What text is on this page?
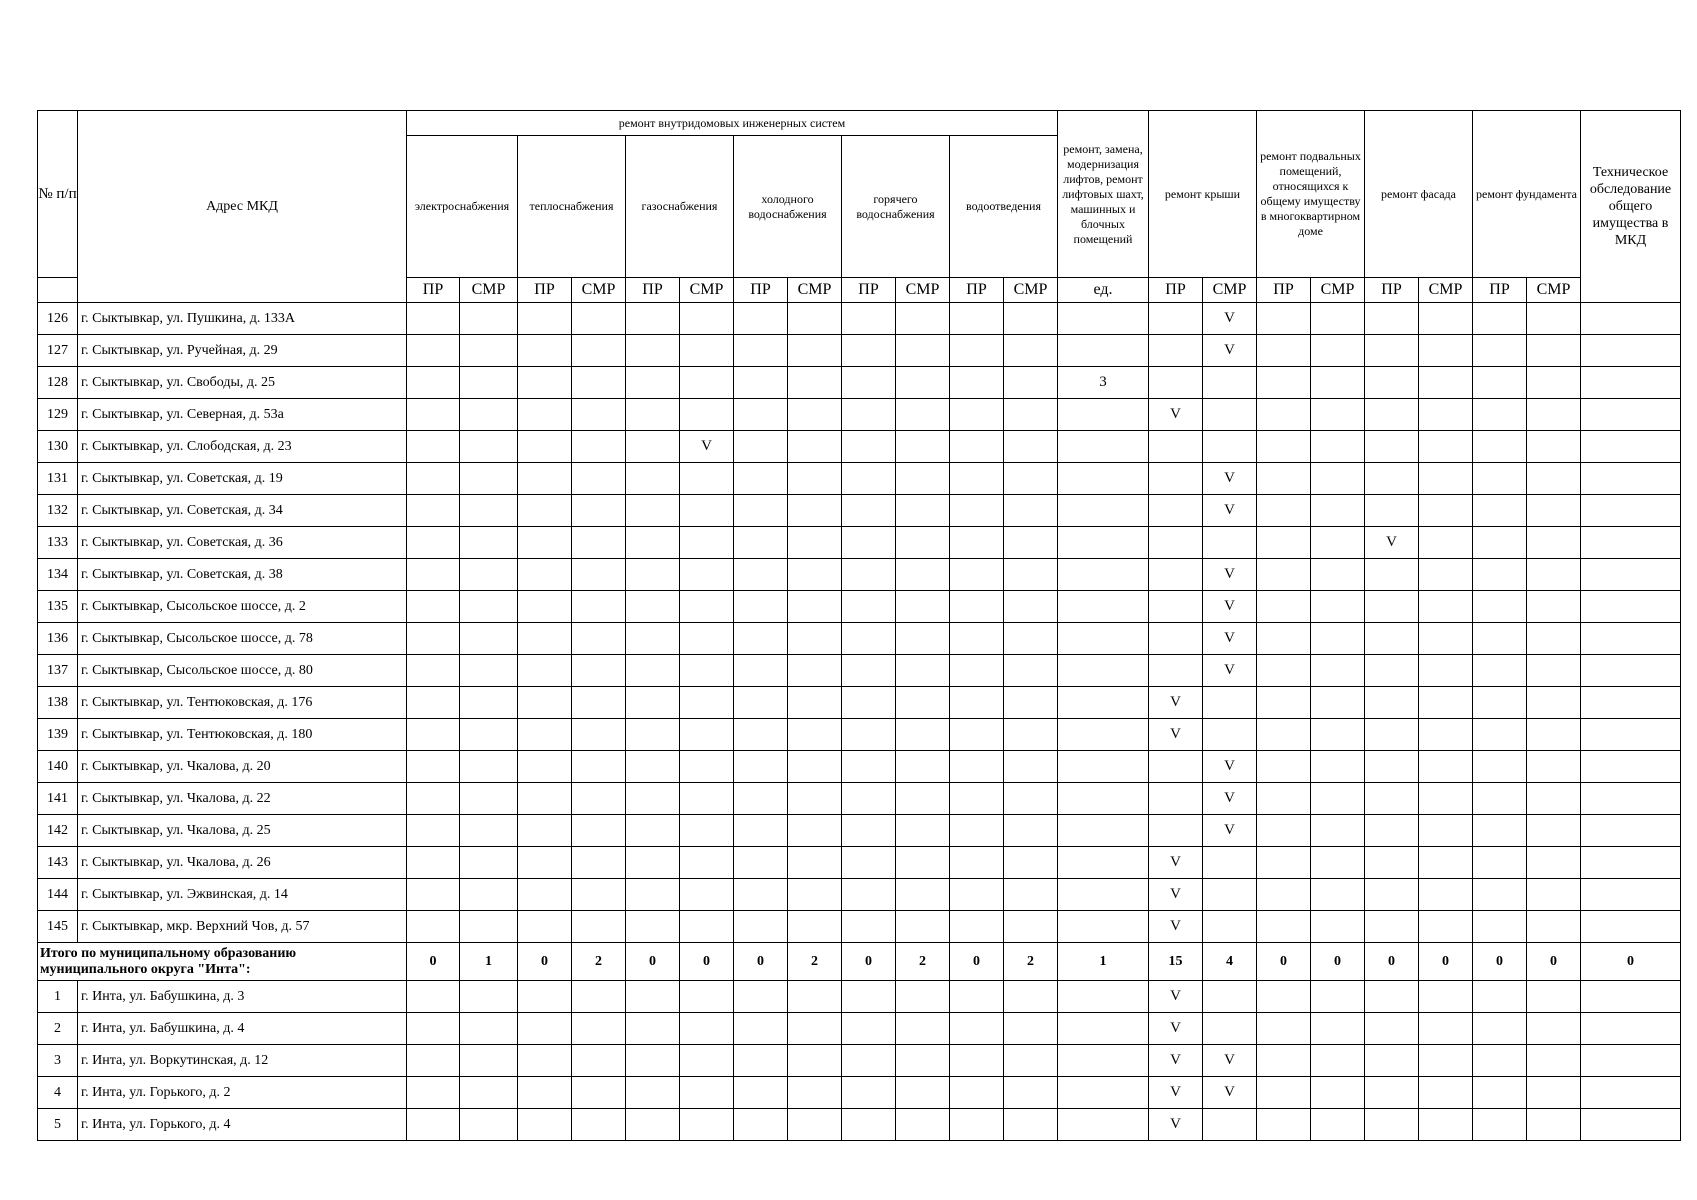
№ п/п	Адрес МКД	ремонт внутридомовых инженерных систем												ремонт, замена, модернизация лифтов, ремонт лифтовых шахт, машинных и блочных помещений	ремонт крыши		ремонт подвальных помещений, относящихся к общему имуществу в многоквартирном доме		ремонт фасада		ремонт фундамента		Техническое обследование общего имущества в МКД
		электроснабжения		теплоснабжения		газоснабжения		холодного водоснабжения		горячего водоснабжения		водоотведения											
		ПР	СМР	ПР	СМР	ПР	СМР	ПР	СМР	ПР	СМР	ПР	СМР	ед.	ПР	СМР	ПР	СМР	ПР	СМР	ПР	СМР	
126	г. Сыктывкар, ул. Пушкина, д. 133А															V							
127	г. Сыктывкар, ул. Ручейная, д. 29															V							
128	г. Сыктывкар, ул. Свободы, д. 25													3									
129	г. Сыктывкар, ул. Северная, д. 53а														V								
130	г. Сыктывкар, ул. Слободская, д. 23						V																
131	г. Сыктывкар, ул. Советская, д. 19															V							
132	г. Сыктывкар, ул. Советская, д. 34															V							
133	г. Сыктывкар, ул. Советская, д. 36																		V				
134	г. Сыктывкар, ул. Советская, д. 38															V							
135	г. Сыктывкар, Сысольское шоссе, д. 2															V							
136	г. Сыктывкар, Сысольское шоссе, д. 78															V							
137	г. Сыктывкар, Сысольское шоссе, д. 80															V							
138	г. Сыктывкар, ул. Тентюковская, д. 176														V								
139	г. Сыктывкар, ул. Тентюковская, д. 180														V								
140	г. Сыктывкар, ул. Чкалова, д. 20															V							
141	г. Сыктывкар, ул. Чкалова, д. 22															V							
142	г. Сыктывкар, ул. Чкалова, д. 25															V							
143	г. Сыктывкар, ул. Чкалова, д. 26														V								
144	г. Сыктывкар, ул. Эжвинская, д. 14														V								
145	г. Сыктывкар, мкр. Верхний Чов, д. 57														V								
Итого по муниципальному образованию муниципального округа "Инта":		0	1	0	2	0	0	0	2	0	2	0	2	1	15	4	0	0	0	0	0	0	0
1	г. Инта, ул. Бабушкина, д. 3														V								
2	г. Инта, ул. Бабушкина, д. 4														V								
3	г. Инта, ул. Воркутинская, д. 12														V	V							
4	г. Инта, ул. Горького, д. 2														V	V							
5	г. Инта, ул. Горького, д. 4														V								
